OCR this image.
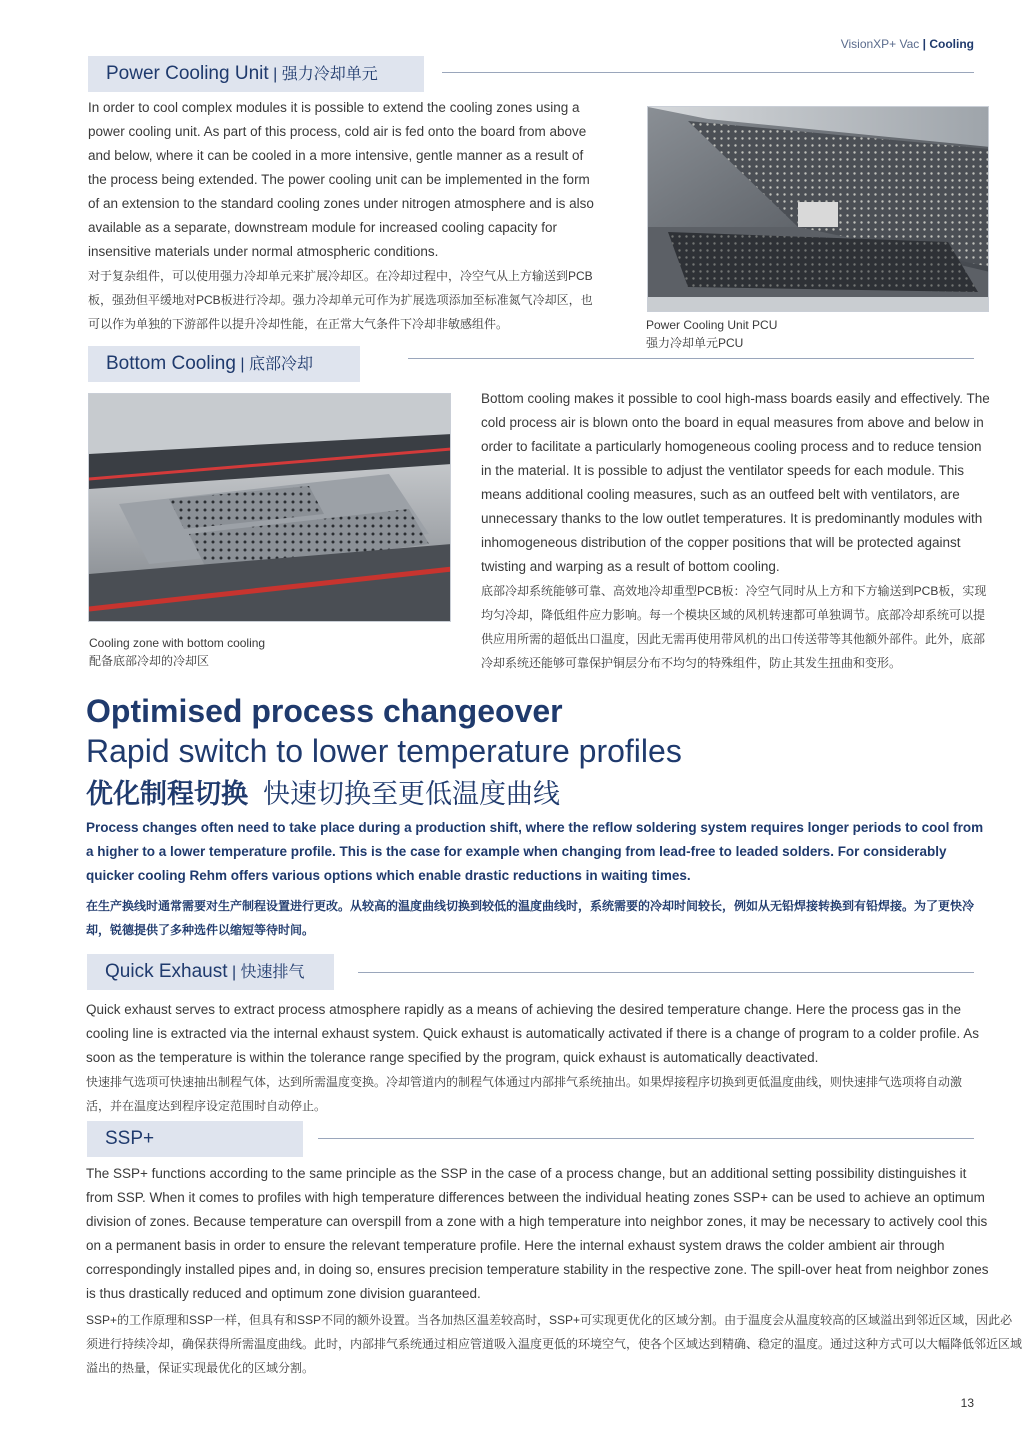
VisionXP+ Vac | Cooling
Power Cooling Unit | 强力冷却单元
In order to cool complex modules it is possible to extend the cooling zones using a power cooling unit. As part of this process, cold air is fed onto the board from above and below, where it can be cooled in a more intensive, gentle manner as a result of the process being extended. The power cooling unit can be implemented in the form of an extension to the standard cooling zones under nitrogen atmosphere and is also available as a separate, downstream module for increased cooling capacity for insensitive materials under normal atmospheric conditions.
对于复杂组件，可以使用强力冷却单元来扩展冷却区。在冷却过程中，冷空气从上方输送到PCB板，强劲但平缓地对PCB板进行冷却。强力冷却单元可作为扩展选项添加至标准氮气冷却区，也可以作为单独的下游部件以提升冷却性能，在正常大气条件下冷却非敏感组件。	Power Cooling Unit PCU
强力冷却单元PCU
Bottom Cooling | 底部冷却
Cooling zone with bottom cooling
配备底部冷却的冷却区
Bottom cooling makes it possible to cool high-mass boards easily and effectively. The cold process air is blown onto the board in equal measures from above and below in order to facilitate a particularly homogeneous cooling process and to reduce tension in the material. It is possible to adjust the ventilator speeds for each module. This means additional cooling measures, such as an outfeed belt with ventilators, are unnecessary thanks to the low outlet temperatures. It is predominantly modules with inhomogeneous distribution of the copper positions that will be protected against twisting and warping as a result of bottom cooling.
底部冷却系统能够可靠、高效地冷却重型PCB板：冷空气同时从上方和下方输送到PCB板，实现均匀冷却，降低组件应力影响。每一个模块区域的风机转速都可单独调节。底部冷却系统可以提供应用所需的超低出口温度，因此无需再使用带风机的出口传送带等其他额外部件。此外，底部冷却系统还能够可靠保护铜层分布不均匀的特殊组件，防止其发生扭曲和变形。
Optimised process changeover
Rapid switch to lower temperature profiles
优化制程切换 快速切换至更低温度曲线
Process changes often need to take place during a production shift, where the reflow soldering system requires longer periods to cool from a higher to a lower temperature profile. This is the case for example when changing from lead-free to leaded solders. For considerably quicker cooling Rehm offers various options which enable drastic reductions in waiting times.
在生产换线时通常需要对生产制程设置进行更改。从较高的温度曲线切换到较低的温度曲线时，系统需要的冷却时间较长，例如从无铅焊接转换到有铅焊接。为了更快冷却，锐德提供了多种选件以缩短等待时间。
Quick Exhaust | 快速排气
Quick exhaust serves to extract process atmosphere rapidly as a means of achieving the desired temperature change. Here the process gas in the cooling line is extracted via the internal exhaust system. Quick exhaust is automatically activated if there is a change of program to a colder profile. As soon as the temperature is within the tolerance range specified by the program, quick exhaust is automatically deactivated.
快速排气选项可快速抽出制程气体，达到所需温度变换。冷却管道内的制程气体通过内部排气系统抽出。如果焊接程序切换到更低温度曲线，则快速排气选项将自动激活，并在温度达到程序设定范围时自动停止。
SSP+
The SSP+ functions according to the same principle as the SSP in the case of a process change, but an additional setting possibility distinguishes it from SSP. When it comes to profiles with high temperature differences between the individual heating zones SSP+ can be used to achieve an optimum division of zones. Because temperature can overspill from a zone with a high temperature into neighbor zones, it may be necessary to actively cool this on a permanent basis in order to ensure the relevant temperature profile. Here the internal exhaust system draws the colder ambient air through correspondingly installed pipes and, in doing so, ensures precision temperature stability in the respective zone. The spill-over heat from neighbor zones is thus drastically reduced and optimum zone division guaranteed.
SSP+的工作原理和SSP一样，但具有和SSP不同的额外设置。当各加热区温差较高时，SSP+可实现更优化的区域分割。由于温度会从温度较高的区域溢出到邻近区域，因此必须进行持续冷却，确保获得所需温度曲线。此时，内部排气系统通过相应管道吸入温度更低的环境空气，使各个区域达到精确、稳定的温度。通过这种方式可以大幅降低邻近区域溢出的热量，保证实现最优化的区域分割。
13
